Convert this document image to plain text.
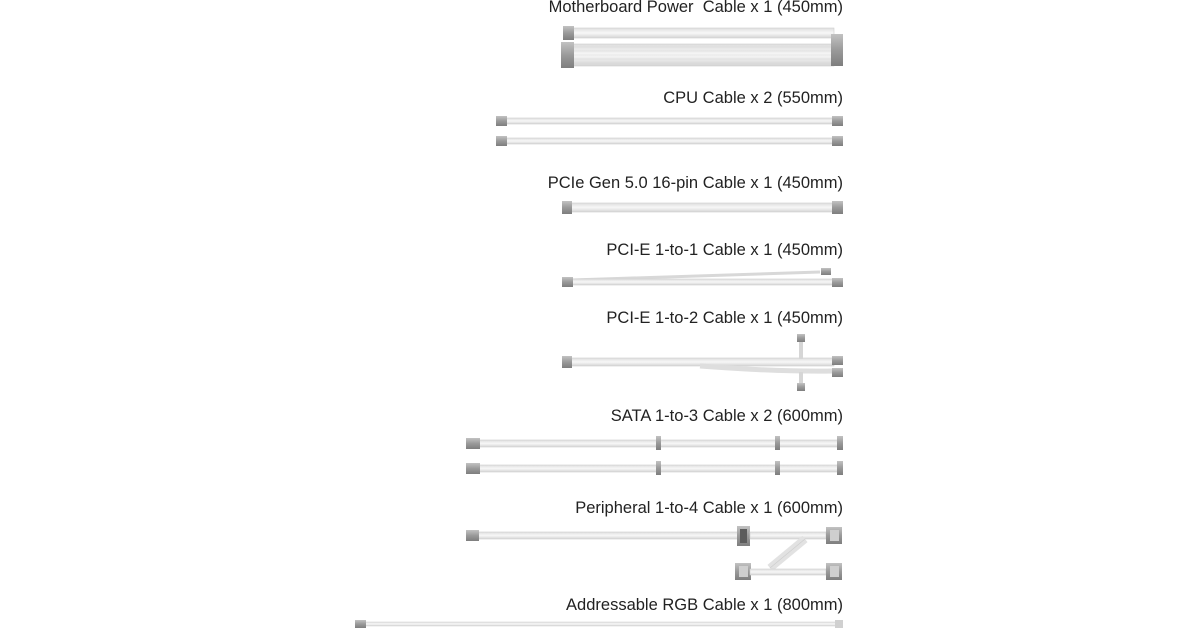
Motherboard Power  Cable x 1 (450mm)
CPU Cable x 2 (550mm)
PCIe Gen 5.0 16-pin Cable x 1 (450mm)
PCI-E 1-to-1 Cable x 1 (450mm)
PCI-E 1-to-2 Cable x 1 (450mm)
SATA 1-to-3 Cable x 2 (600mm)
Peripheral 1-to-4 Cable x 1 (600mm)
Addressable RGB Cable x 1 (800mm)
